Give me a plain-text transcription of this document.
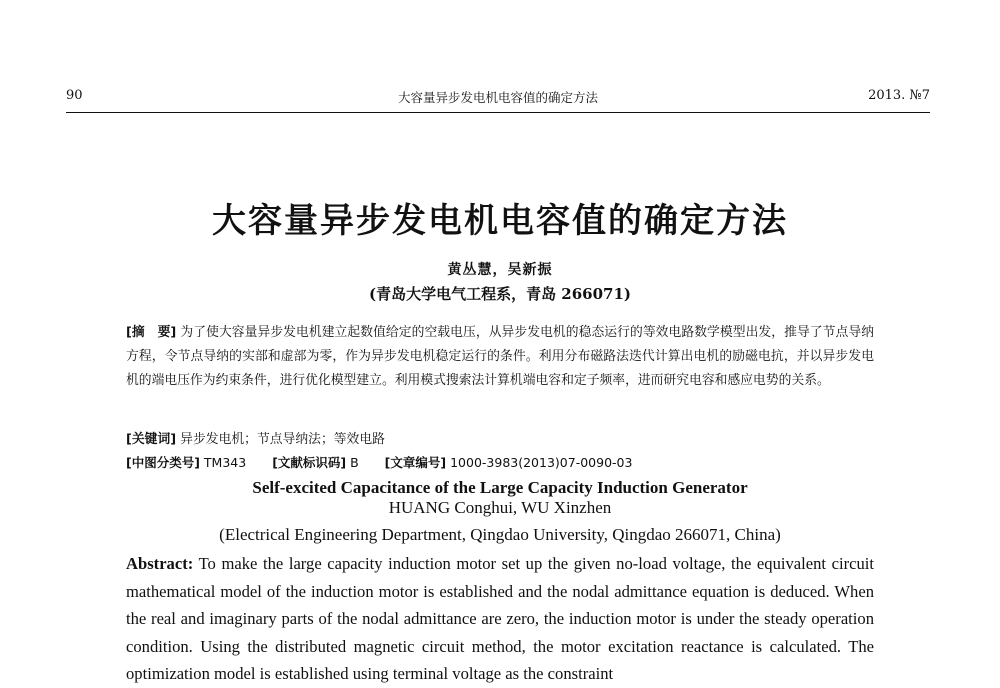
90	大容量异步发电机电容值的确定方法	2013. №7
大容量异步发电机电容值的确定方法
黄丛慧，吴新振
(青岛大学电气工程系，青岛 266071)
[摘　要] 为了使大容量异步发电机建立起数值给定的空载电压，从异步发电机的稳态运行的等效电路数学模型出发，推导了节点导纳方程，令节点导纳的实部和虚部为零，作为异步发电机稳定运行的条件。利用分布磁路法迭代计算出电机的励磁电抗，并以异步发电机的端电压作为约束条件，进行优化模型建立。利用模式搜索法计算机端电容和定子频率，进而研究电容和感应电势的关系。
[关键词] 异步发电机；节点导纳法；等效电路
[中图分类号] TM343 [文献标识码] B [文章编号] 1000-3983(2013)07-0090-03
Self-excited Capacitance of the Large Capacity Induction Generator
HUANG Conghui, WU Xinzhen
(Electrical Engineering Department, Qingdao University, Qingdao 266071, China)
Abstract: To make the large capacity induction motor set up the given no-load voltage, the equivalent circuit mathematical model of the induction motor is established and the nodal admittance equation is deduced. When the real and imaginary parts of the nodal admittance are zero, the induction motor is under the steady operation condition. Using the distributed magnetic circuit method, the motor excitation reactance is calculated. The optimization model is established using terminal voltage as the constraint
